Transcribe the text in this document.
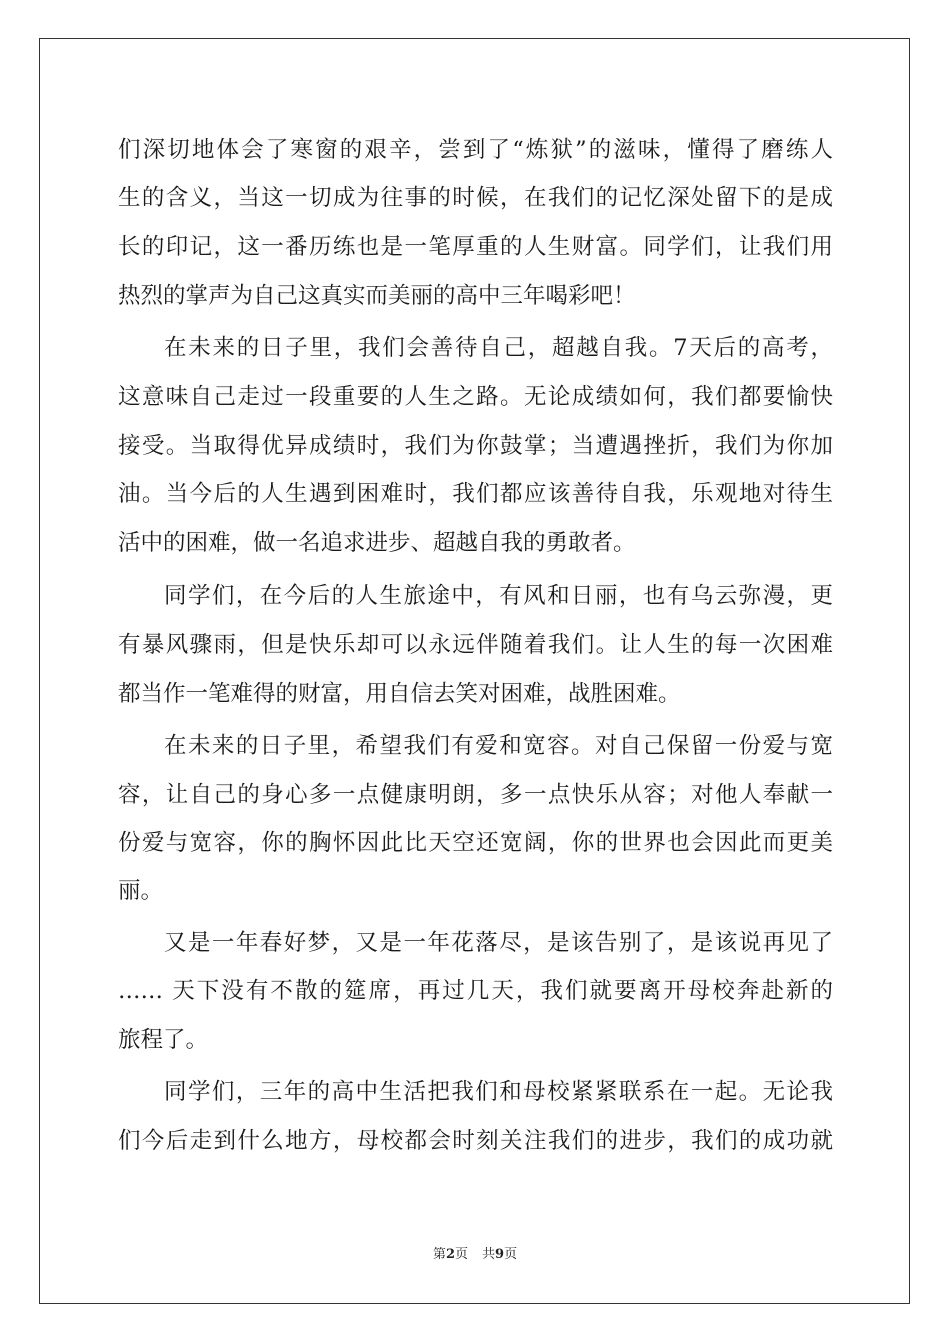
们深切地体会了寒窗的艰辛，尝到了“炼狱”的滋味，懂得了磨练人
生的含义，当这一切成为往事的时候，在我们的记忆深处留下的是成
长的印记，这一番历练也是一笔厚重的人生财富。同学们，让我们用
热烈的掌声为自己这真实而美丽的高中三年喝彩吧！
在未来的日子里，我们会善待自己，超越自我。7天后的高考，
这意味自己走过一段重要的人生之路。无论成绩如何，我们都要愉快
接受。当取得优异成绩时，我们为你鼓掌；当遭遇挫折，我们为你加
油。当今后的人生遇到困难时，我们都应该善待自我，乐观地对待生
活中的困难，做一名追求进步、超越自我的勇敢者。
同学们，在今后的人生旅途中，有风和日丽，也有乌云弥漫，更
有暴风骤雨，但是快乐却可以永远伴随着我们。让人生的每一次困难
都当作一笔难得的财富，用自信去笑对困难，战胜困难。
在未来的日子里，希望我们有爱和宽容。对自己保留一份爱与宽
容，让自己的身心多一点健康明朗，多一点快乐从容；对他人奉献一
份爱与宽容，你的胸怀因此比天空还宽阔，你的世界也会因此而更美
丽。
又是一年春好梦，又是一年花落尽，是该告别了，是该说再见了
…… 天下没有不散的筵席，再过几天，我们就要离开母校奔赴新的
旅程了。
同学们，三年的高中生活把我们和母校紧紧联系在一起。无论我
们今后走到什么地方，母校都会时刻关注我们的进步，我们的成功就
第2页 共9页
